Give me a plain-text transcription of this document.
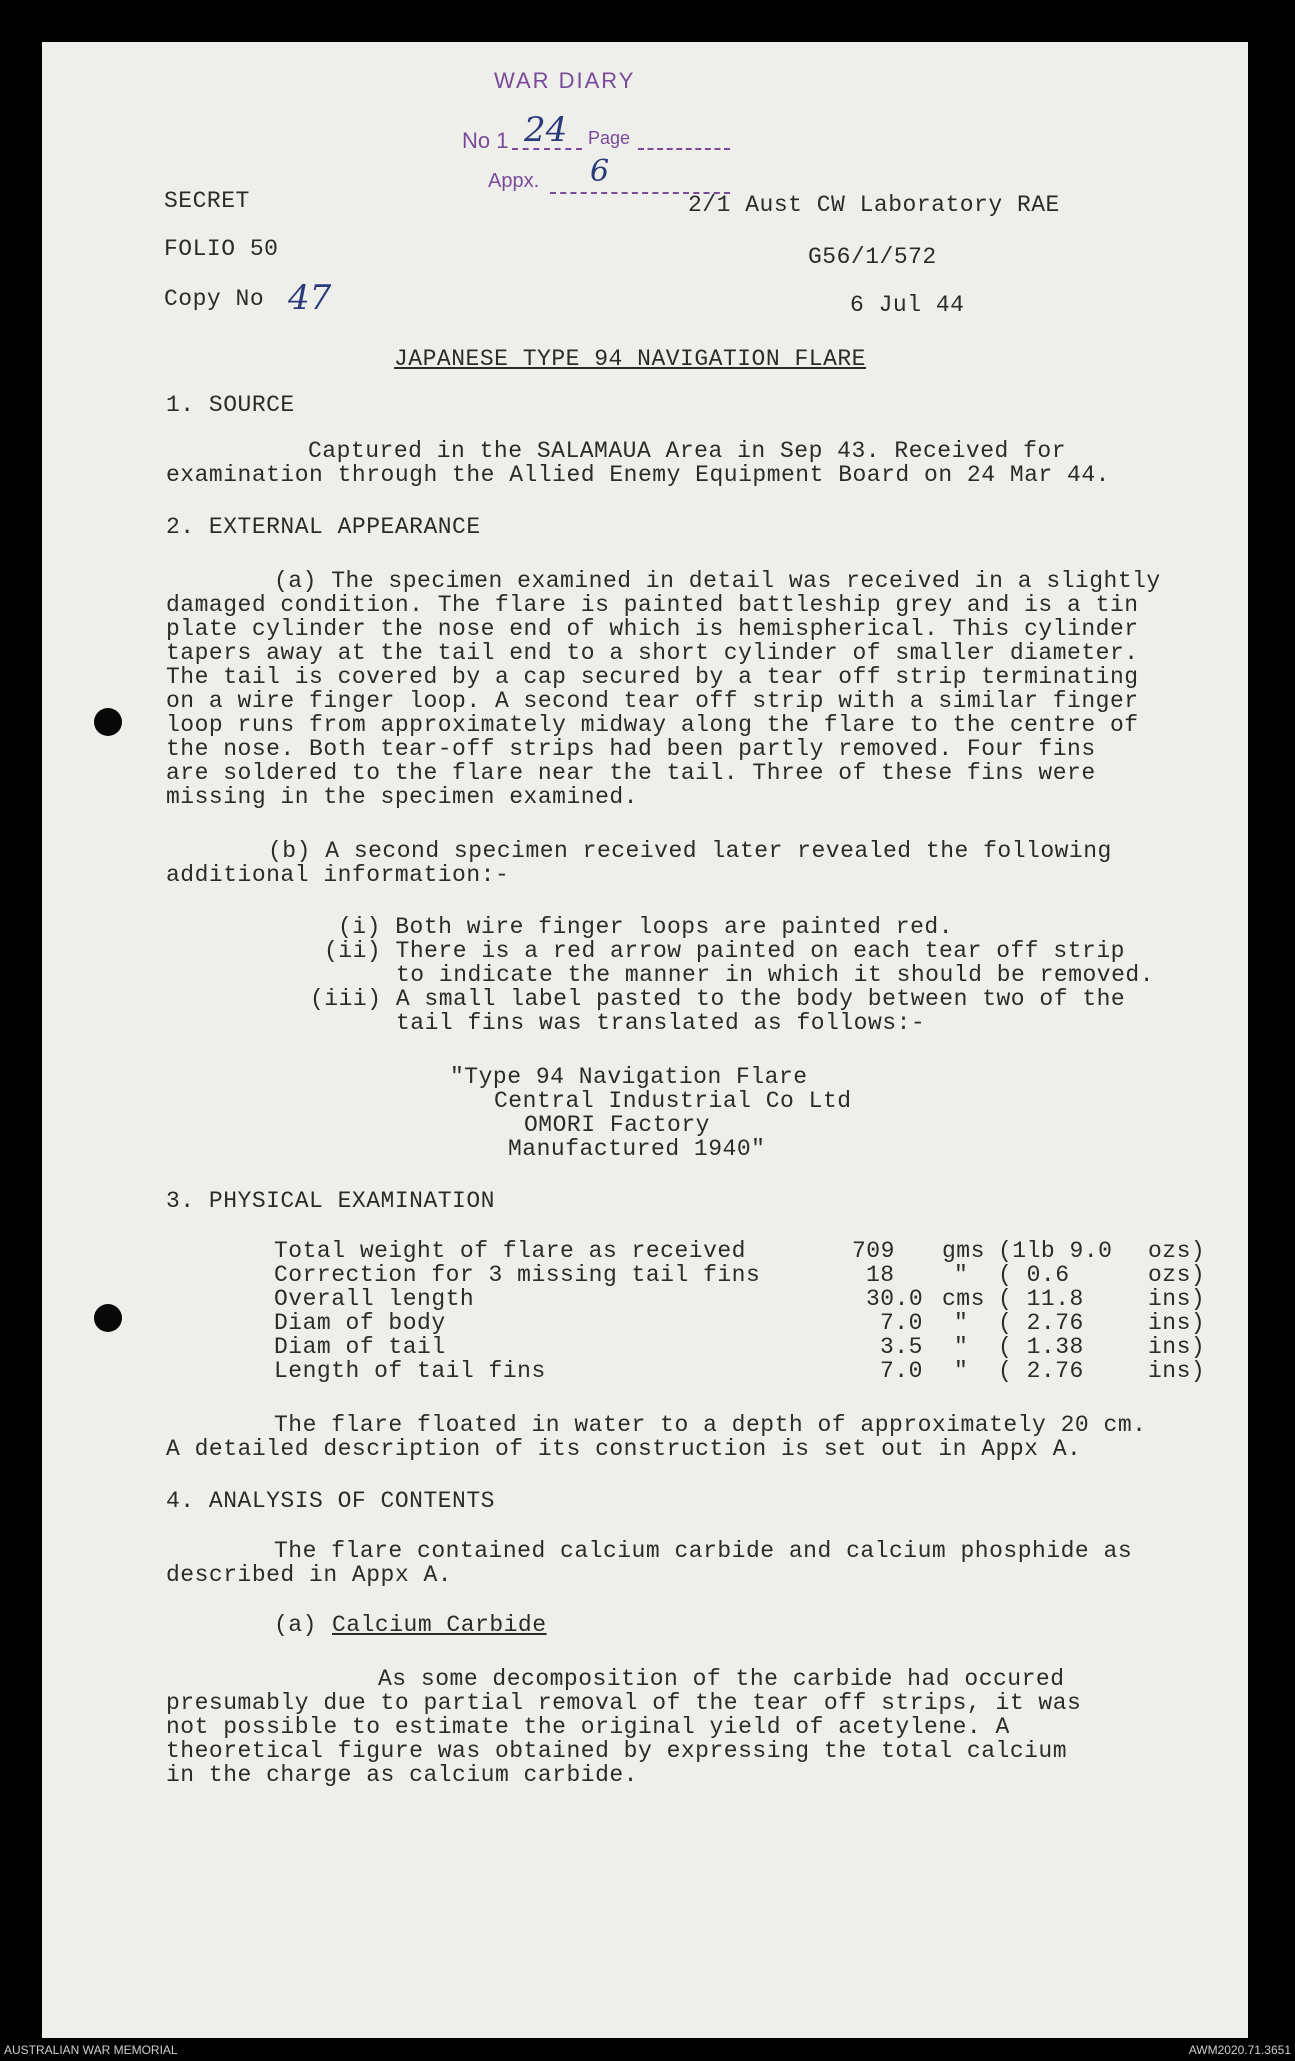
WAR DIARY
No 1 24 Page
Appx. 6
SECRET	2/1 Aust CW Laboratory RAE
FOLIO 50	G56/1/572
Copy No 47	6 Jul 44
JAPANESE TYPE 94 NAVIGATION FLARE
1. SOURCE
Captured in the SALAMAUA Area in Sep 43. Received for
examination through the Allied Enemy Equipment Board on 24 Mar 44.
2. EXTERNAL APPEARANCE
(a) The specimen examined in detail was received in a slightly
damaged condition. The flare is painted battleship grey and is a tin
plate cylinder the nose end of which is hemispherical. This cylinder
tapers away at the tail end to a short cylinder of smaller diameter.
The tail is covered by a cap secured by a tear off strip terminating
on a wire finger loop. A second tear off strip with a similar finger
loop runs from approximately midway along the flare to the centre of
the nose. Both tear-off strips had been partly removed. Four fins
are soldered to the flare near the tail. Three of these fins were
missing in the specimen examined.
(b) A second specimen received later revealed the following
additional information:-
(i) Both wire finger loops are painted red.
(ii) There is a red arrow painted on each tear off strip
to indicate the manner in which it should be removed.
(iii) A small label pasted to the body between two of the
tail fins was translated as follows:-
"Type 94 Navigation Flare
Central Industrial Co Ltd
OMORI Factory
Manufactured 1940"
3. PHYSICAL EXAMINATION
Total weight of flare as received	709 gms (1lb 9.0 ozs)
Correction for 3 missing tail fins	18	" ( 0.6	ozs)
Overall length	30.0 cms ( 11.8	ins)
Diam of body	7.0 " ( 2.76	ins)
Diam of tail	3.5 " ( 1.38	ins)
Length of tail fins	7.0 " ( 2.76	ins)
The flare floated in water to a depth of approximately 20 cm.
A detailed description of its construction is set out in Appx A.
4. ANALYSIS OF CONTENTS
The flare contained calcium carbide and calcium phosphide as
described in Appx A.
(a) Calcium Carbide
As some decomposition of the carbide had occured
presumably due to partial removal of the tear off strips, it was
not possible to estimate the original yield of acetylene. A
theoretical figure was obtained by expressing the total calcium
in the charge as calcium carbide.
AUSTRALIAN WAR MEMORIAL	AWM2020.71.3651
